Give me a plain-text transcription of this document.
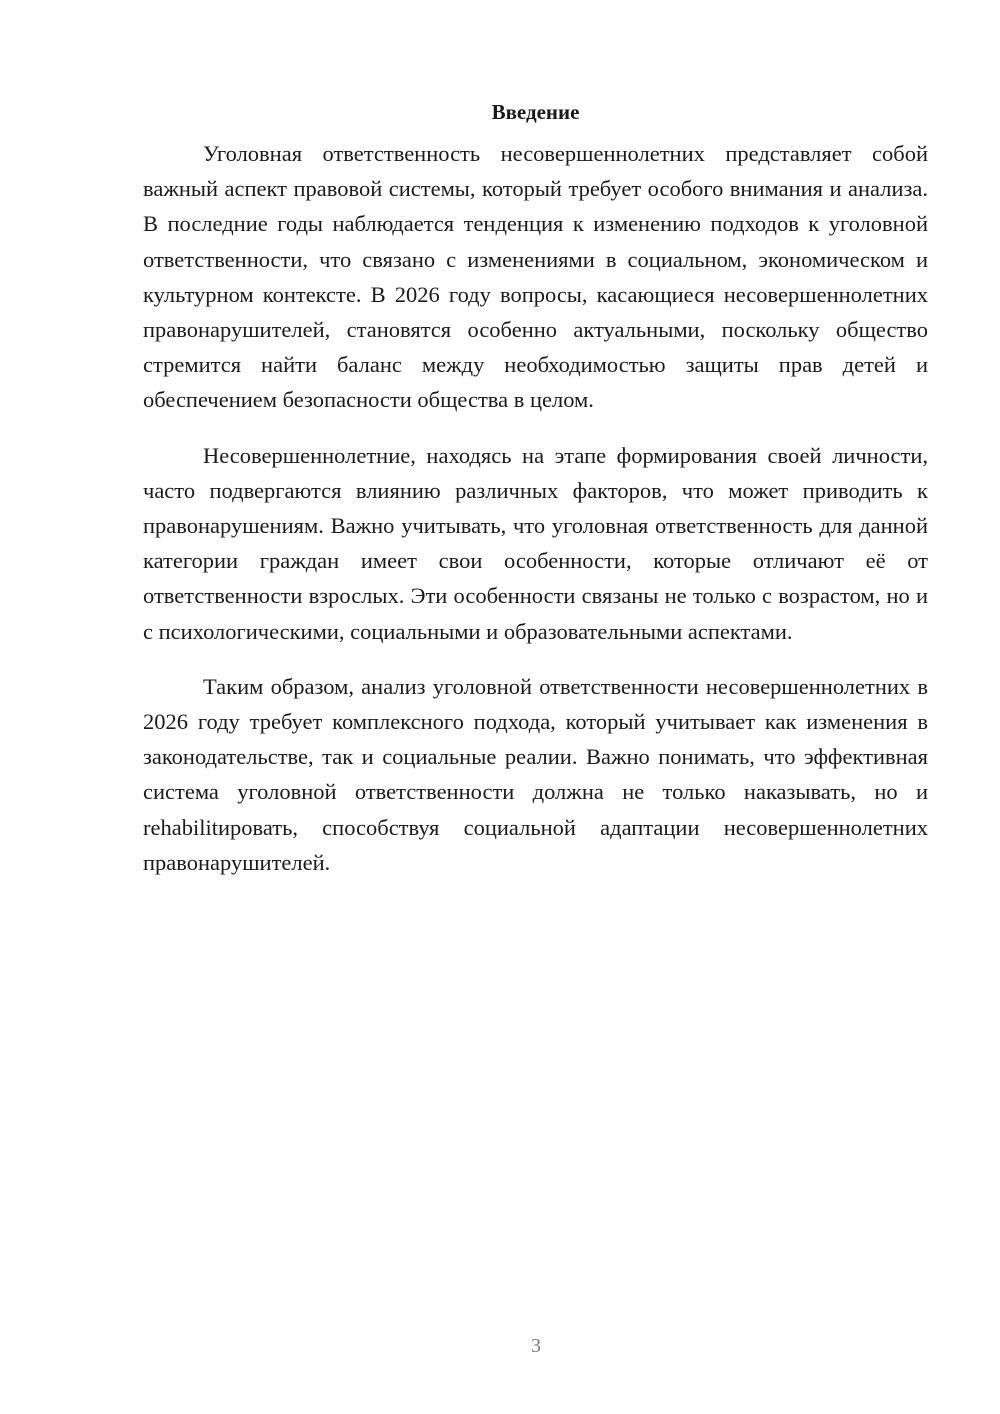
Введение

Уголовная ответственность несовершеннолетних представляет собой важный аспект правовой системы, который требует особого внимания и анализа. В последние годы наблюдается тенденция к изменению подходов к уголовной ответственности, что связано с изменениями в социальном, экономическом и культурном контексте. В 2026 году вопросы, касающиеся несовершеннолетних правонарушителей, становятся особенно актуальными, поскольку общество стремится найти баланс между необходимостью защиты прав детей и обеспечением безопасности общества в целом.

Несовершеннолетние, находясь на этапе формирования своей личности, часто подвергаются влиянию различных факторов, что может приводить к правонарушениям. Важно учитывать, что уголовная ответственность для данной категории граждан имеет свои особенности, которые отличают её от ответственности взрослых. Эти особенности связаны не только с возрастом, но и с психологическими, социальными и образовательными аспектами.

Таким образом, анализ уголовной ответственности несовершеннолетних в 2026 году требует комплексного подхода, который учитывает как изменения в законодательстве, так и социальные реалии. Важно понимать, что эффективная система уголовной ответственности должна не только наказывать, но и rehabilitировать, способствуя социальной адаптации несовершеннолетних правонарушителей.

3
